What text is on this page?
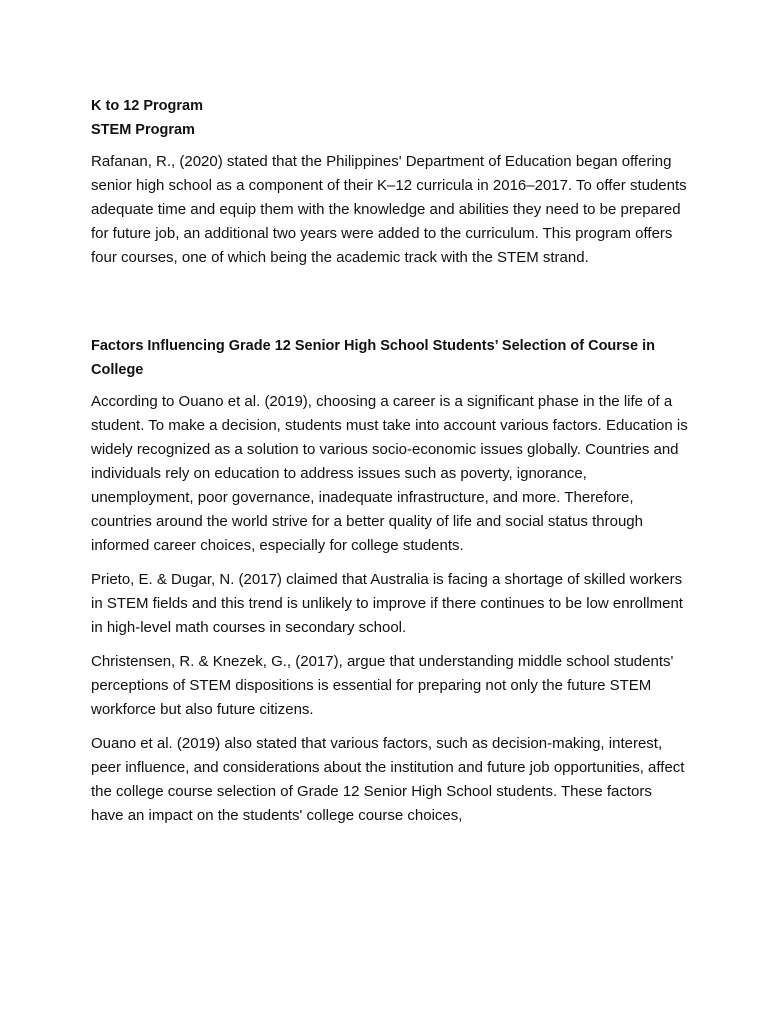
K to 12 Program

STEM Program

Rafanan, R., (2020) stated that the Philippines' Department of Education began offering senior high school as a component of their K–12 curricula in 2016–2017. To offer students adequate time and equip them with the knowledge and abilities they need to be prepared for future job, an additional two years were added to the curriculum. This program offers four courses, one of which being the academic track with the STEM strand.

Factors Influencing Grade 12 Senior High School Students’ Selection of Course in College

According to Ouano et al. (2019), choosing a career is a significant phase in the life of a student. To make a decision, students must take into account various factors. Education is widely recognized as a solution to various socio-economic issues globally. Countries and individuals rely on education to address issues such as poverty, ignorance, unemployment, poor governance, inadequate infrastructure, and more. Therefore, countries around the world strive for a better quality of life and social status through informed career choices, especially for college students.

Prieto, E. & Dugar, N. (2017) claimed that Australia is facing a shortage of skilled workers in STEM fields and this trend is unlikely to improve if there continues to be low enrollment in high-level math courses in secondary school.

Christensen, R. & Knezek, G., (2017), argue that understanding middle school students' perceptions of STEM dispositions is essential for preparing not only the future STEM workforce but also future citizens.

Ouano et al. (2019) also stated that various factors, such as decision-making, interest, peer influence, and considerations about the institution and future job opportunities, affect the college course selection of Grade 12 Senior High School students. These factors have an impact on the students' college course choices,
